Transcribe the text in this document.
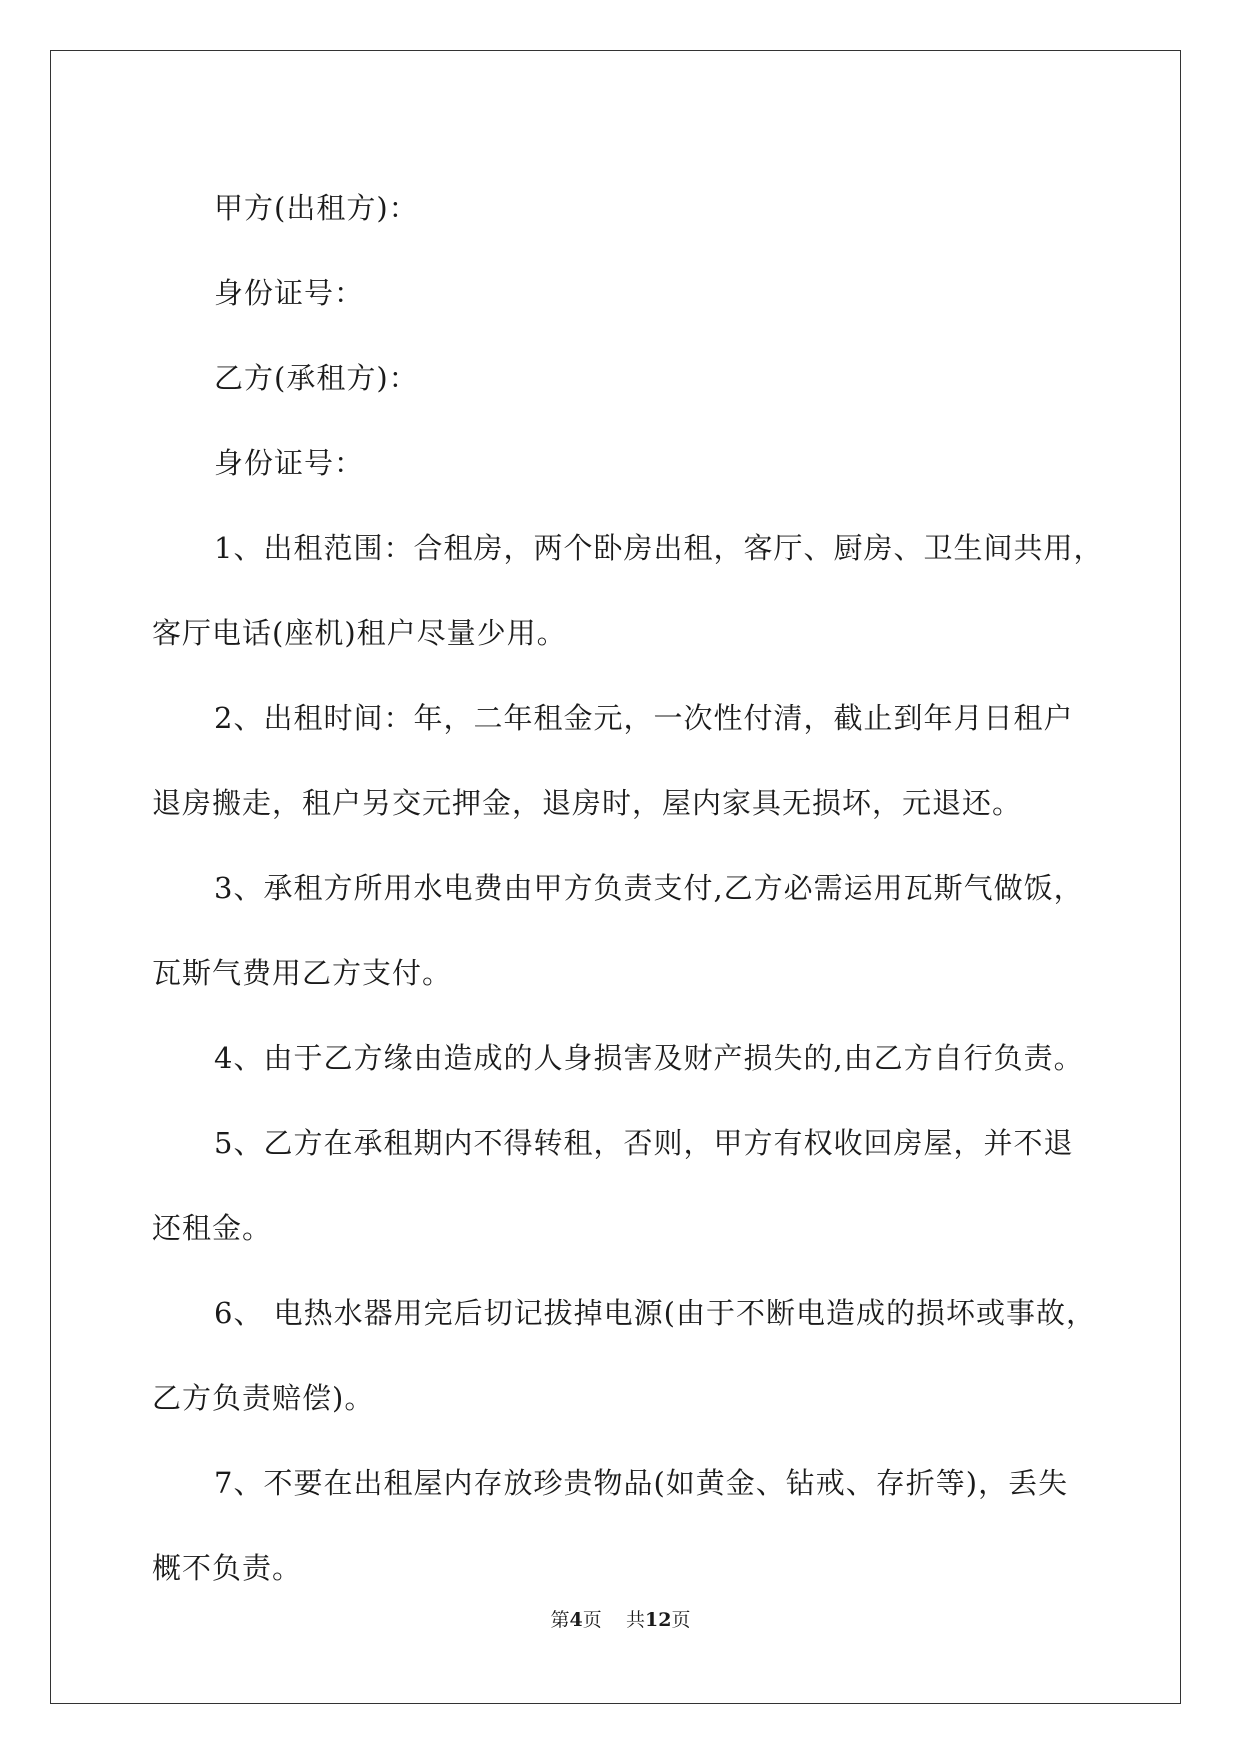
甲方(出租方)：
身份证号：
乙方(承租方)：
身份证号：
1、出租范围：合租房，两个卧房出租，客厅、厨房、卫生间共用，
客厅电话(座机)租户尽量少用。
2、出租时间：年，二年租金元，一次性付清，截止到年月日租户
退房搬走，租户另交元押金，退房时，屋内家具无损坏，元退还。
3、承租方所用水电费由甲方负责支付,乙方必需运用瓦斯气做饭，
瓦斯气费用乙方支付。
4、由于乙方缘由造成的人身损害及财产损失的,由乙方自行负责。
5、乙方在承租期内不得转租，否则，甲方有权收回房屋，并不退
还租金。
6、 电热水器用完后切记拔掉电源(由于不断电造成的损坏或事故，
乙方负责赔偿)。
7、不要在出租屋内存放珍贵物品(如黄金、钻戒、存折等)，丢失
概不负责。
第4页 共12页
